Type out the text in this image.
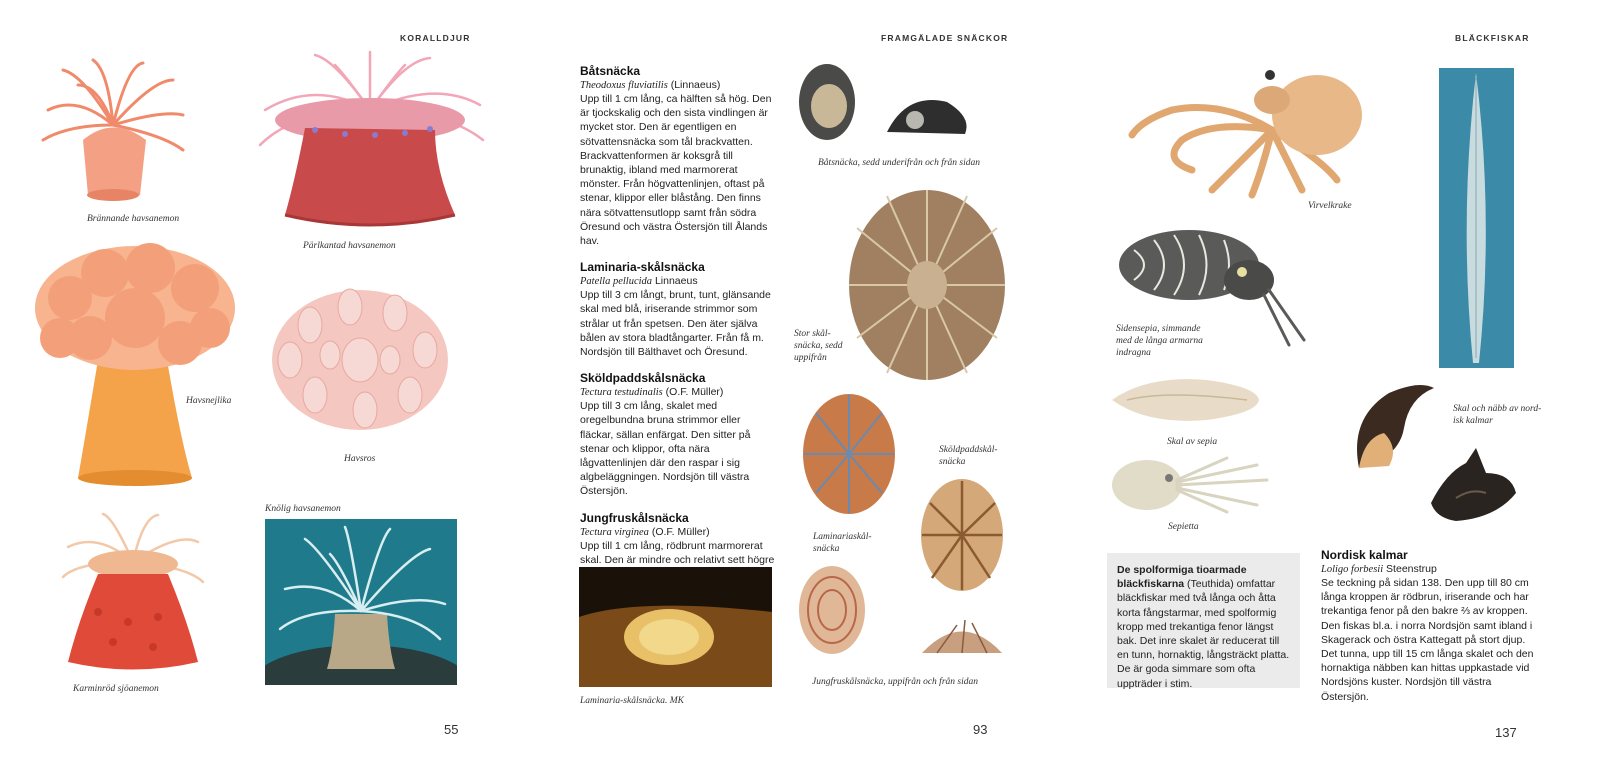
KORALLDJUR
Brännande havsanemon
Pärlkantad havsanemon
Havsnejlika
Havsros
Karminröd sjöanemon
Knölig havsanemon
55
FRAMGÄLADE SNÄCKOR
Båtsnäcka
Theodoxus fluviatilis (Linnaeus)
Upp till 1 cm lång, ca hälften så hög. Den är tjockskalig och den sista vindlingen är mycket stor. Den är egentligen en sötvattensnäcka som tål brackvatten. Brackvattenformen är koksgrå till brunaktig, ibland med marmorerat mönster. Från högvattenlinjen, oftast på stenar, klippor eller blåstång. Den finns nära sötvattensutlopp samt från södra Öresund och västra Östersjön till Ålands hav.
Laminaria-skålsnäcka
Patella pellucida Linnaeus
Upp till 3 cm långt, brunt, tunt, glänsande skal med blå, iriserande strimmor som strålar ut från spetsen. Den äter själva bålen av stora bladtångarter. Från få m. Nordsjön till Bälthavet och Öresund.
Sköldpaddskålsnäcka
Tectura testudinalis (O.F. Müller)
Upp till 3 cm lång, skalet med oregelbundna bruna strimmor eller fläckar, sällan enfärgat. Den sitter på stenar och klippor, ofta nära lågvattenlinjen där den raspar i sig algbeläggningen. Nordsjön till västra Östersjön.
Jungfruskålsnäcka
Tectura virginea (O.F. Müller)
Upp till 1 cm lång, rödbrunt marmorerat skal. Den är mindre och relativt sett högre
Laminaria-skålsnäcka. MK
Båtsnäcka, sedd underifrån och från sidan
Stor skål-
snäcka, sedd
uppifrån
Laminariaskål-
snäcka
Sköldpaddskål-
snäcka
Jungfruskålsnäcka, uppifrån och från sidan
93
BLÄCKFISKAR
Virvelkrake
Sidensepia, simmande
med de långa armarna
indragna
Skal av sepia
Sepietta
Skal och näbb av nord-
isk kalmar
De spolformiga tioarmade bläckfiskarna (Teuthida) omfattar bläckfiskar med två långa och åtta korta fångstarmar, med spolformig kropp med trekantiga fenor längst bak. Det inre skalet är reducerat till en tunn, hornaktig, långsträckt platta. De är goda simmare som ofta uppträder i stim.
Nordisk kalmar
Loligo forbesii Steenstrup
Se teckning på sidan 138. Den upp till 80 cm långa kroppen är rödbrun, iriserande och har trekantiga fenor på den bakre ⅔ av kroppen. Den fiskas bl.a. i norra Nordsjön samt ibland i Skagerack och östra Kattegatt på stort djup. Det tunna, upp till 15 cm långa skalet och den hornaktiga näbben kan hittas uppkastade vid Nordsjöns kuster. Nordsjön till västra Östersjön.
137
